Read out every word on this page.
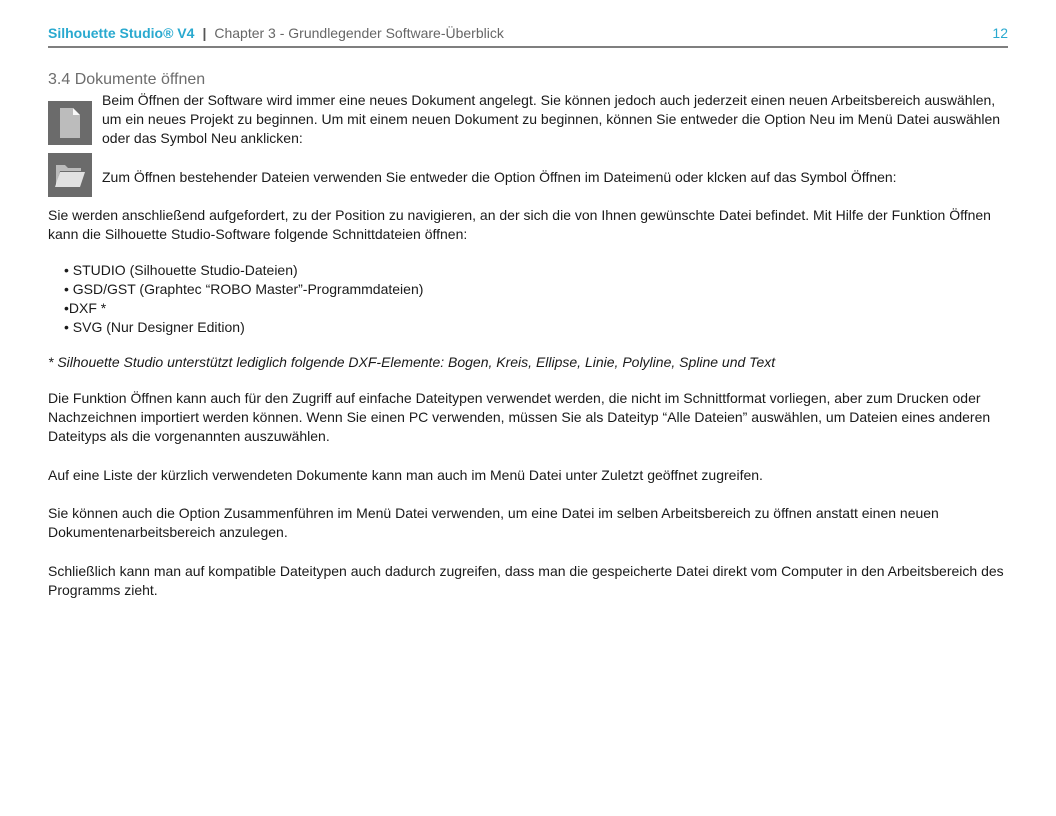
Silhouette Studio® V4 | Chapter 3 - Grundlegender Software-Überblick	12
3.4 Dokumente öffnen
Beim Öffnen der Software wird immer eine neues Dokument angelegt. Sie können jedoch auch jederzeit einen neuen Arbeitsbereich auswählen, um ein neues Projekt zu beginnen. Um mit einem neuen Dokument zu beginnen, können Sie entweder die Option Neu im Menü Datei auswählen oder das Symbol Neu anklicken:
Zum Öffnen bestehender Dateien verwenden Sie entweder die Option Öffnen im Dateimenü oder klcken auf das Symbol Öffnen:
Sie werden anschließend aufgefordert, zu der Position zu navigieren, an der sich die von Ihnen gewünschte Datei befindet. Mit Hilfe der Funktion Öffnen kann die Silhouette Studio-Software folgende Schnittdateien öffnen:
• STUDIO (Silhouette Studio-Dateien)
• GSD/GST (Graphtec “ROBO Master”-Programmdateien)
•DXF *
• SVG (Nur Designer Edition)
* Silhouette Studio unterstützt lediglich folgende DXF-Elemente: Bogen, Kreis, Ellipse, Linie, Polyline, Spline und Text
Die Funktion Öffnen kann auch für den Zugriff auf einfache Dateitypen verwendet werden, die nicht im Schnittformat vorliegen, aber zum Drucken oder Nachzeichnen importiert werden können. Wenn Sie einen PC verwenden, müssen Sie als Dateityp “Alle Dateien” auswählen, um Dateien eines anderen Dateityps als die vorgenannten auszuwählen.
Auf eine Liste der kürzlich verwendeten Dokumente kann man auch im Menü Datei unter Zuletzt geöffnet zugreifen.
Sie können auch die Option Zusammenführen im Menü Datei verwenden, um eine Datei im selben Arbeitsbereich zu öffnen anstatt einen neuen Dokumentenarbeitsbereich anzulegen.
Schließlich kann man auf kompatible Dateitypen auch dadurch zugreifen, dass man die gespeicherte Datei direkt vom Computer in den Arbeitsbereich des Programms zieht.
